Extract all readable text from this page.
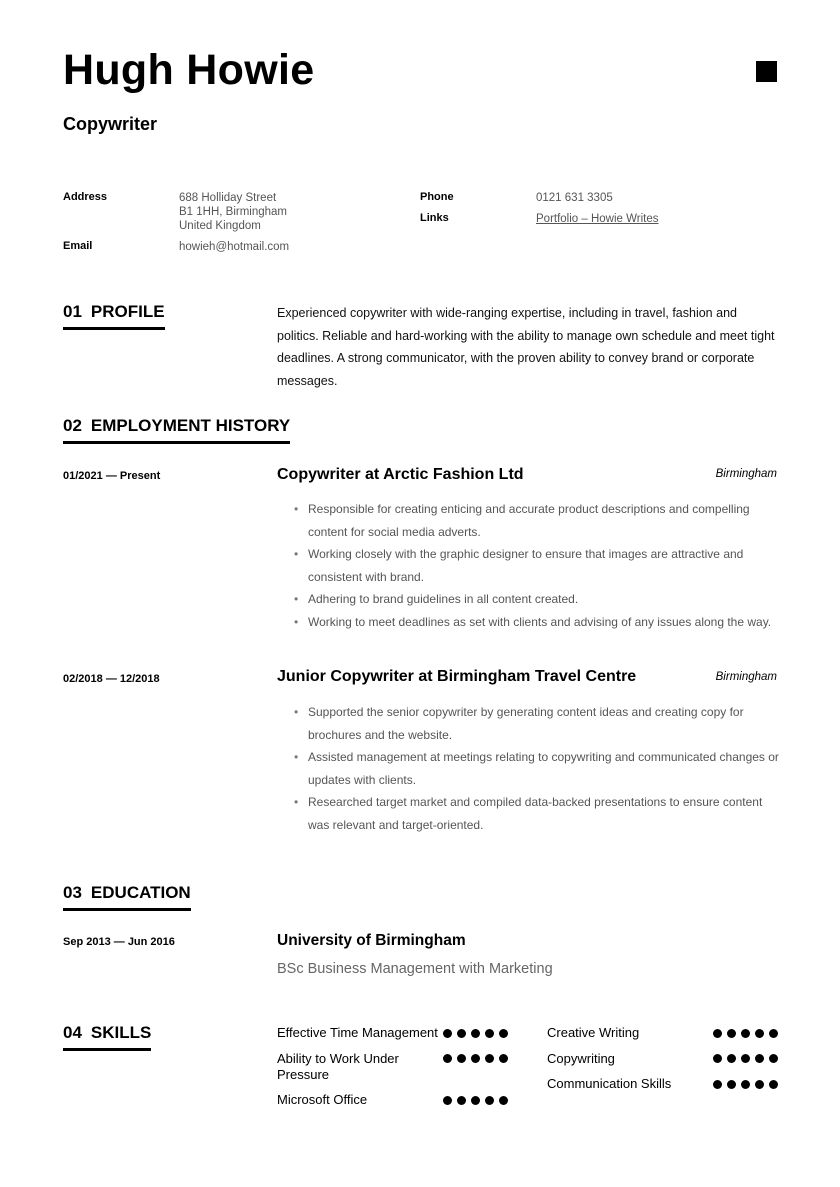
Hugh Howie
Copywriter
Address	688 Holliday Street
B1 1HH, Birmingham
United Kingdom
Email	howieh@hotmail.com
Phone	0121 631 3305
Links	Portfolio – Howie Writes
01 PROFILE	Experienced copywriter with wide-ranging expertise, including in travel, fashion and politics. Reliable and hard-working with the ability to manage own schedule and meet tight deadlines. A strong communicator, with the proven ability to convey brand or corporate messages.
02 EMPLOYMENT HISTORY
01/2021 — Present	Copywriter at Arctic Fashion Ltd	Birmingham
• Responsible for creating enticing and accurate product descriptions and compelling content for social media adverts.
• Working closely with the graphic designer to ensure that images are attractive and consistent with brand.
• Adhering to brand guidelines in all content created.
• Working to meet deadlines as set with clients and advising of any issues along the way.
02/2018 — 12/2018	Junior Copywriter at Birmingham Travel Centre	Birmingham
• Supported the senior copywriter by generating content ideas and creating copy for brochures and the website.
• Assisted management at meetings relating to copywriting and communicated changes or updates with clients.
• Researched target market and compiled data-backed presentations to ensure content was relevant and target-oriented.
03 EDUCATION
Sep 2013 — Jun 2016	University of Birmingham
BSc Business Management with Marketing
04 SKILLS	Effective Time Management
Ability to Work Under Pressure
Microsoft Office
Creative Writing
Copywriting
Communication Skills
